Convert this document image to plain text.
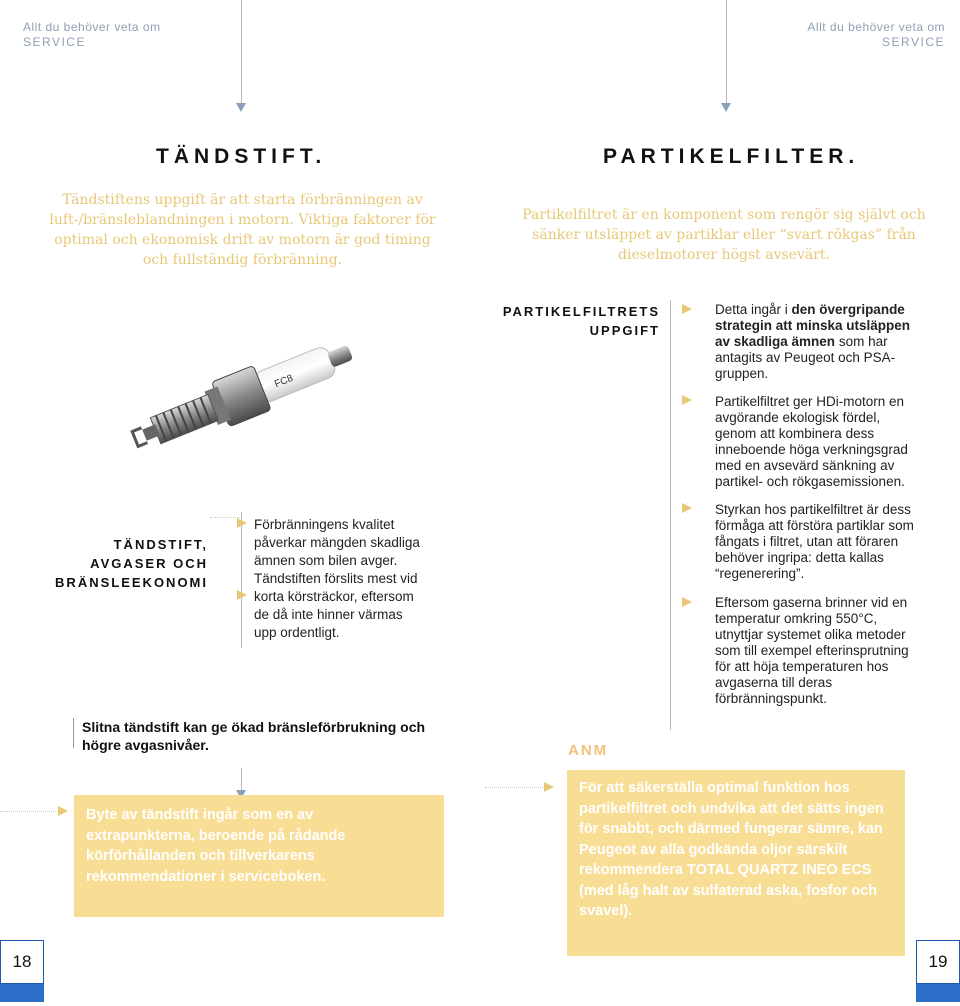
Allt du behöver veta om
SERVICE
Allt du behöver veta om
SERVICE
TÄNDSTIFT.
Tändstiftens uppgift är att starta förbränningen av luft-/bränsleblandningen i motorn. Viktiga faktorer för optimal och ekonomisk drift av motorn är god timing och fullständig förbränning.
PARTIKELFILTER.
Partikelfiltret är en komponent som rengör sig självt och sänker utsläppet av partiklar eller “svart rökgas” från dieselmotorer högst avsevärt.
FC8
TÄNDSTIFT,
AVGASER OCH
BRÄNSLEEKONOMI
Förbränningens kvalitet påverkar mängden skadliga ämnen som bilen avger.
Tändstiften förslits mest vid korta körsträckor, eftersom de då inte hinner värmas upp ordentligt.
Slitna tändstift kan ge ökad bränsleförbrukning och högre avgasnivåer.
Byte av tändstift ingår som en av extrapunkterna, beroende på rådande körförhållanden och tillverkarens rekommendationer i serviceboken.
18	19
PARTIKELFILTRETS
UPPGIFT
Detta ingår i den övergripande strategin att minska utsläppen av skadliga ämnen som har antagits av Peugeot och PSA-gruppen.
Partikelfiltret ger HDi-motorn en avgörande ekologisk fördel, genom att kombinera dess inneboende höga verkningsgrad med en avsevärd sänkning av partikel- och rökgasemissionen.
Styrkan hos partikelfiltret är dess förmåga att förstöra partiklar som fångats i filtret, utan att föraren behöver ingripa: detta kallas “regenerering”.
Eftersom gaserna brinner vid en temperatur omkring 550°C, utnyttjar systemet olika metoder som till exempel efterinsprutning för att höja temperaturen hos avgaserna till deras förbränningspunkt.
ANM
För att säkerställa optimal funktion hos partikelfiltret och undvika att det sätts ingen för snabbt, och därmed fungerar sämre, kan Peugeot av alla godkända oljor särskilt rekommendera TOTAL QUARTZ INEO ECS (med låg halt av sulfaterad aska, fosfor och svavel).
